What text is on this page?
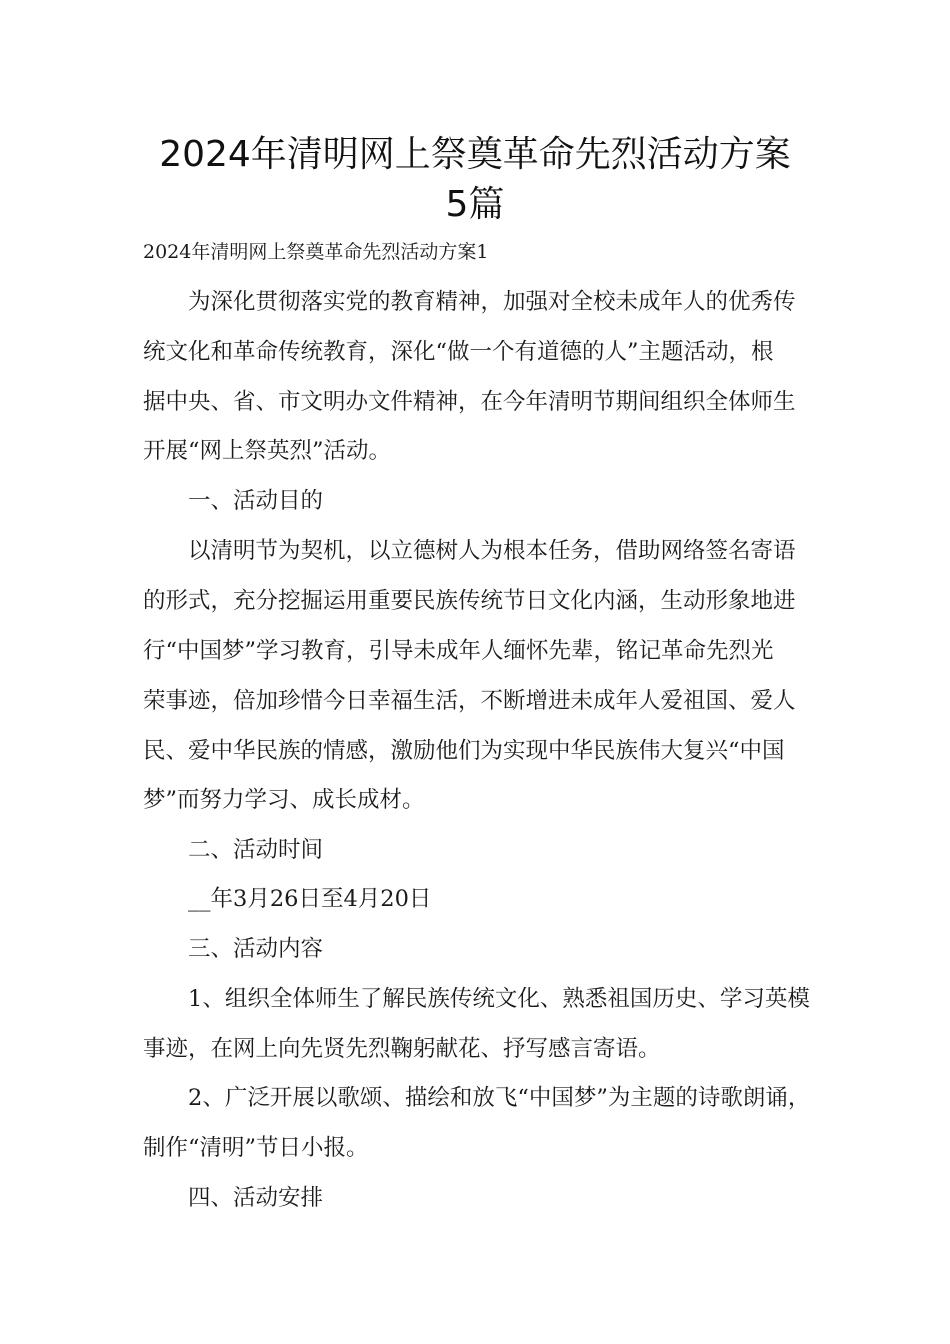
2024年清明网上祭奠革命先烈活动方案
5篇
2024年清明网上祭奠革命先烈活动方案1
为深化贯彻落实党的教育精神，加强对全校未成年人的优秀传
统文化和革命传统教育，深化“做一个有道德的人”主题活动，根
据中央、省、市文明办文件精神，在今年清明节期间组织全体师生
开展“网上祭英烈”活动。
一、活动目的
以清明节为契机，以立德树人为根本任务，借助网络签名寄语
的形式，充分挖掘运用重要民族传统节日文化内涵，生动形象地进
行“中国梦”学习教育，引导未成年人缅怀先辈，铭记革命先烈光
荣事迹，倍加珍惜今日幸福生活，不断增进未成年人爱祖国、爱人
民、爱中华民族的情感，激励他们为实现中华民族伟大复兴“中国
梦”而努力学习、成长成材。
二、活动时间
__年3月26日至4月20日
三、活动内容
1、组织全体师生了解民族传统文化、熟悉祖国历史、学习英模
事迹，在网上向先贤先烈鞠躬献花、抒写感言寄语。
2、广泛开展以歌颂、描绘和放飞“中国梦”为主题的诗歌朗诵，
制作“清明”节日小报。
四、活动安排
